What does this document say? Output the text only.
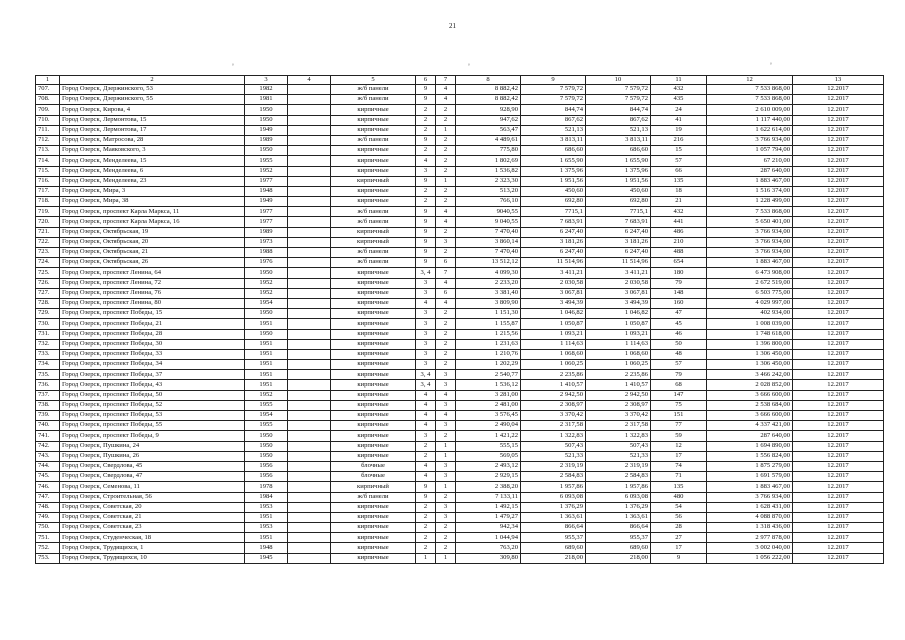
21
ᵒ	ᵒ	ᵒ
1	2	3	4	5	6	7	8	9	10	11	12	13
707.	Город Озерск, Дзержинского, 53	1982		ж/б панели	9	4	8 882,42	7 579,72	7 579,72	432	7 533 868,00	12.2017
708.	Город Озерск, Дзержинского, 55	1981		ж/б панели	9	4	8 882,42	7 579,72	7 579,72	435	7 533 868,00	12.2017
709.	Город Озерск, Кирова, 4	1950		кирпичные	2	2	928,90	844,74	844,74	24	2 610 009,00	12.2017
710.	Город Озерск, Лермонтова, 15	1950		кирпичные	2	2	947,62	867,62	867,62	41	1 117 440,00	12.2017
711.	Город Озерск, Лермонтова, 17	1949		кирпичные	2	1	563,47	521,13	521,13	19	1 622 614,00	12.2017
712.	Город Озерск, Матросова, 28	1989		ж/б панели	9	2	4 489,61	3 813,11	3 813,11	216	3 766 934,00	12.2017
713.	Город Озерск, Маяковского, 3	1950		кирпичные	2	2	775,80	686,60	686,60	15	1 057 794,00	12.2017
714.	Город Озерск, Менделеева, 15	1955		кирпичные	4	2	1 802,69	1 655,90	1 655,90	57	67 210,00	12.2017
715.	Город Озерск, Менделеева, 6	1952		кирпичные	3	2	1 536,82	1 375,96	1 375,96	66	287 640,00	12.2017
716.	Город Озерск, Менделеева, 23	1977		кирпичный	9	1	2 323,30	1 951,56	1 951,56	135	1 883 467,00	12.2017
717.	Город Озерск, Мира, 3	1948		кирпичные	2	2	513,20	450,60	450,60	18	1 516 374,00	12.2017
718.	Город Озерск, Мира, 38	1949		кирпичные	2	2	766,10	692,80	692,80	21	1 228 499,00	12.2017
719.	Город Озерск, проспект Карла Маркса, 11	1977		ж/б панели	9	4	9040,55	7715,1	7715,1	432	7 533 868,00	12.2017
720.	Город Озерск, проспект Карла Маркса, 16	1977		ж/б панели	9	4	9 040,55	7 683,91	7 683,91	441	5 650 401,00	12.2017
721.	Город Озерск, Октябрьская, 19	1989		кирпичный	9	2	7 470,40	6 247,40	6 247,40	486	3 766 934,00	12.2017
722.	Город Озерск, Октябрьская, 20	1973		кирпичный	9	3	3 860,14	3 181,26	3 181,26	210	3 766 934,00	12.2017
723.	Город Озерск, Октябрьская, 21	1988		ж/б панели	9	2	7 470,40	6 247,40	6 247,40	488	3 766 934,00	12.2017
724.	Город Озерск, Октябрьская, 26	1976		ж/б панели	9	6	13 512,12	11 514,96	11 514,96	654	1 883 467,00	12.2017
725.	Город Озерск, проспект Ленина, 64	1950		кирпичные	3, 4	7	4 099,30	3 411,21	3 411,21	180	6 473 908,00	12.2017
726.	Город Озерск, проспект Ленина, 72	1952		кирпичные	3	4	2 233,20	2 030,58	2 030,58	79	2 672 519,00	12.2017
727.	Город Озерск, проспект Ленина, 76	1952		кирпичные	3	6	3 381,40	3 067,81	3 067,81	148	6 503 775,00	12.2017
728.	Город Озерск, проспект Ленина, 80	1954		кирпичные	4	4	3 809,90	3 494,39	3 494,39	160	4 029 997,00	12.2017
729.	Город Озерск, проспект Победы, 15	1950		кирпичные	3	2	1 151,30	1 046,82	1 046,82	47	402 934,00	12.2017
730.	Город Озерск, проспект Победы, 21	1951		кирпичные	3	2	1 155,87	1 050,87	1 050,87	45	1 008 039,00	12.2017
731.	Город Озерск, проспект Победы, 28	1950		кирпичные	3	2	1 215,56	1 093,21	1 093,21	46	1 748 618,00	12.2017
732.	Город Озерск, проспект Победы, 30	1951		кирпичные	3	2	1 231,63	1 114,63	1 114,63	50	1 396 800,00	12.2017
733.	Город Озерск, проспект Победы, 33	1951		кирпичные	3	2	1 210,76	1 068,60	1 068,60	48	1 306 450,00	12.2017
734.	Город Озерск, проспект Победы, 34	1951		кирпичные	3	2	1 202,29	1 060,25	1 060,25	57	1 306 450,00	12.2017
735.	Город Озерск, проспект Победы, 37	1951		кирпичные	3, 4	3	2 540,77	2 235,86	2 235,86	79	3 466 242,00	12.2017
736.	Город Озерск, проспект Победы, 43	1951		кирпичные	3, 4	3	1 536,12	1 410,57	1 410,57	68	2 028 852,00	12.2017
737.	Город Озерск, проспект Победы, 50	1952		кирпичные	4	4	3 281,00	2 942,50	2 942,50	147	3 666 600,00	12.2017
738.	Город Озерск, проспект Победы, 52	1955		кирпичные	4	3	2 481,00	2 308,97	2 308,97	75	2 538 684,00	12.2017
739.	Город Озерск, проспект Победы, 53	1954		кирпичные	4	4	3 576,45	3 370,42	3 370,42	151	3 666 600,00	12.2017
740.	Город Озерск, проспект Победы, 55	1955		кирпичные	4	3	2 490,04	2 317,58	2 317,58	77	4 337 421,00	12.2017
741.	Город Озерск, проспект Победы, 9	1950		кирпичные	3	2	1 421,22	1 322,83	1 322,83	59	287 640,00	12.2017
742.	Город Озерск, Пушкина, 24	1950		кирпичные	2	1	555,15	507,43	507,43	12	1 694 890,00	12.2017
743.	Город Озерск, Пушкина, 26	1950		кирпичные	2	1	569,05	521,33	521,33	17	1 556 824,00	12.2017
744.	Город Озерск, Свердлова, 45	1956		блочные	4	3	2 493,12	2 319,19	2 319,19	74	1 875 279,00	12.2017
745.	Город Озерск, Свердлова, 47	1956		блочные	4	3	2 929,15	2 584,83	2 584,83	71	1 691 579,00	12.2017
746.	Город Озерск, Семенова, 11	1978		кирпичный	9	1	2 388,20	1 957,86	1 957,86	135	1 883 467,00	12.2017
747.	Город Озерск, Строительная, 56	1984		ж/б панели	9	2	7 133,11	6 093,08	6 093,08	480	3 766 934,00	12.2017
748.	Город Озерск, Советская, 20	1953		кирпичные	2	3	1 492,15	1 376,29	1 376,29	54	1 628 431,00	12.2017
749.	Город Озерск, Советская, 21	1951		кирпичные	2	3	1 479,27	1 363,61	1 363,61	56	4 088 870,00	12.2017
750.	Город Озерск, Советская, 23	1953		кирпичные	2	2	942,34	866,64	866,64	28	1 318 436,00	12.2017
751.	Город Озерск, Студенческая, 18	1951		кирпичные	2	2	1 044,94	955,37	955,37	27	2 977 878,00	12.2017
752.	Город Озерск, Трудящихся, 1	1948		кирпичные	2	2	763,20	689,60	689,60	17	3 002 040,00	12.2017
753.	Город Озерск, Трудящихся, 10	1945		кирпичные	1	1	309,80	218,00	218,00	9	1 056 222,00	12.2017
